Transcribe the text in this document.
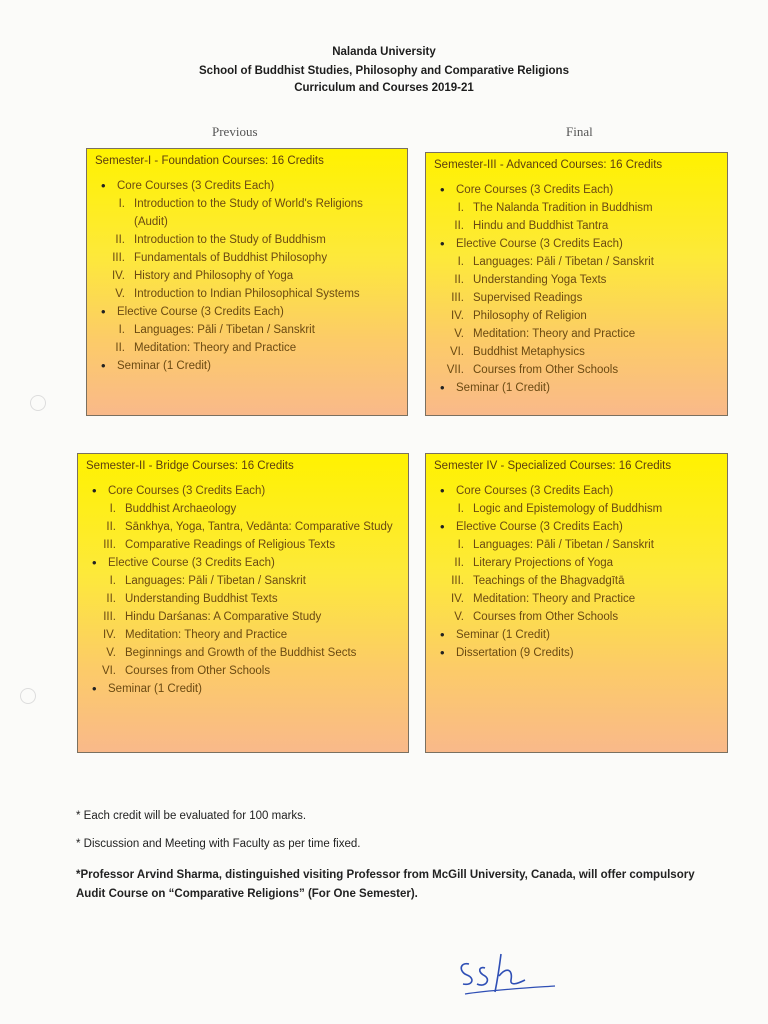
Nalanda University
School of Buddhist Studies, Philosophy and Comparative Religions
Curriculum and Courses 2019-21
Previous	Final
Semester-I - Foundation Courses: 16 Credits
• Core Courses (3 Credits Each)
I. Introduction to the Study of World's Religions (Audit)
II. Introduction to the Study of Buddhism
III. Fundamentals of Buddhist Philosophy
IV. History and Philosophy of Yoga
V. Introduction to Indian Philosophical Systems
• Elective Course (3 Credits Each)
I. Languages: Pāli / Tibetan / Sanskrit
II. Meditation: Theory and Practice
• Seminar (1 Credit)
Semester-III - Advanced Courses: 16 Credits
• Core Courses (3 Credits Each)
I. The Nalanda Tradition in Buddhism
II. Hindu and Buddhist Tantra
• Elective Course (3 Credits Each)
I. Languages: Pāli / Tibetan / Sanskrit
II. Understanding Yoga Texts
III. Supervised Readings
IV. Philosophy of Religion
V. Meditation: Theory and Practice
VI. Buddhist Metaphysics
VII. Courses from Other Schools
• Seminar (1 Credit)
Semester-II - Bridge Courses: 16 Credits
• Core Courses (3 Credits Each)
I. Buddhist Archaeology
II. Sānkhya, Yoga, Tantra, Vedānta: Comparative Study
III. Comparative Readings of Religious Texts
• Elective Course (3 Credits Each)
I. Languages: Pāli / Tibetan / Sanskrit
II. Understanding Buddhist Texts
III. Hindu Darśanas: A Comparative Study
IV. Meditation: Theory and Practice
V. Beginnings and Growth of the Buddhist Sects
VI. Courses from Other Schools
• Seminar (1 Credit)
Semester IV - Specialized Courses: 16 Credits
• Core Courses (3 Credits Each)
I. Logic and Epistemology of Buddhism
• Elective Course (3 Credits Each)
I. Languages: Pāli / Tibetan / Sanskrit
II. Literary Projections of Yoga
III. Teachings of the Bhagvadgītā
IV. Meditation: Theory and Practice
V. Courses from Other Schools
• Seminar (1 Credit)
• Dissertation (9 Credits)
* Each credit will be evaluated for 100 marks.
* Discussion and Meeting with Faculty as per time fixed.
*Professor Arvind Sharma, distinguished visiting Professor from McGill University, Canada, will offer compulsory Audit Course on “Comparative Religions” (For One Semester).
